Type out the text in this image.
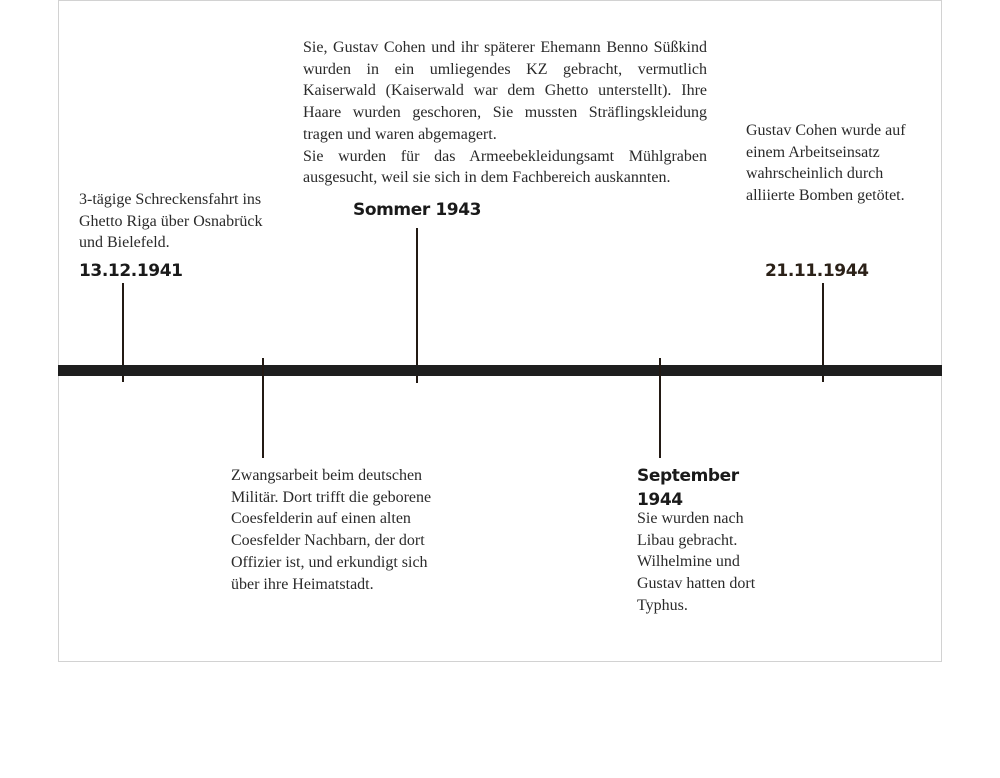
3-tägige Schreckensfahrt ins Ghetto Riga über Osnabrück und Bielefeld.

13.12.1941
Sie, Gustav Cohen und ihr späterer Ehemann Benno Süßkind wurden in ein umliegendes KZ gebracht, vermutlich Kaiserwald (Kaiserwald war dem Ghetto unterstellt). Ihre Haare wurden geschoren, Sie mussten Sträflingskleidung tragen und waren abgemagert.
Sie wurden für das Armeebekleidungsamt Mühlgraben ausgesucht, weil sie sich in dem Fachbereich auskannten.
Sommer 1943

Gustav Cohen wurde auf einem Arbeitseinsatz wahrscheinlich durch alliierte Bomben getötet.

21.11.1944

Zwangsarbeit beim deutschen Militär. Dort trifft die geborene Coesfelderin auf einen alten Coesfelder Nachbarn, der dort Offizier ist, und erkundigt sich über ihre Heimatstadt.

September
1944

Sie wurden nach Libau gebracht. Wilhelmine und Gustav hatten dort Typhus.
